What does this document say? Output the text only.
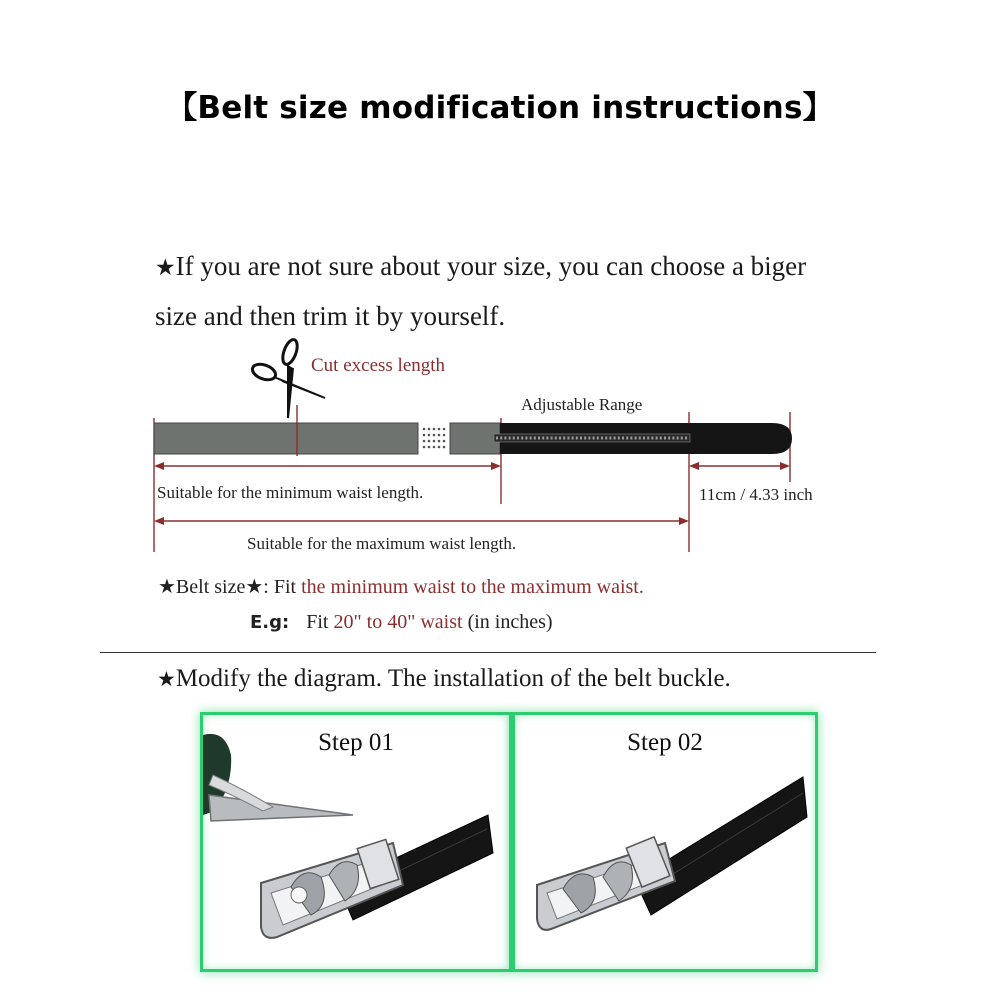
【Belt size modification instructions】
★If you are not sure about your size, you can choose a biger
size and then trim it by yourself.
Cut excess length
Adjustable Range
Suitable for the minimum waist length.
Suitable for the maximum waist length.
11cm / 4.33 inch
★Belt size★: Fit the minimum waist to the maximum waist.
E.g: Fit 20" to 40" waist (in inches)
★Modify the diagram. The installation of the belt buckle.
Step 01	Step 02
